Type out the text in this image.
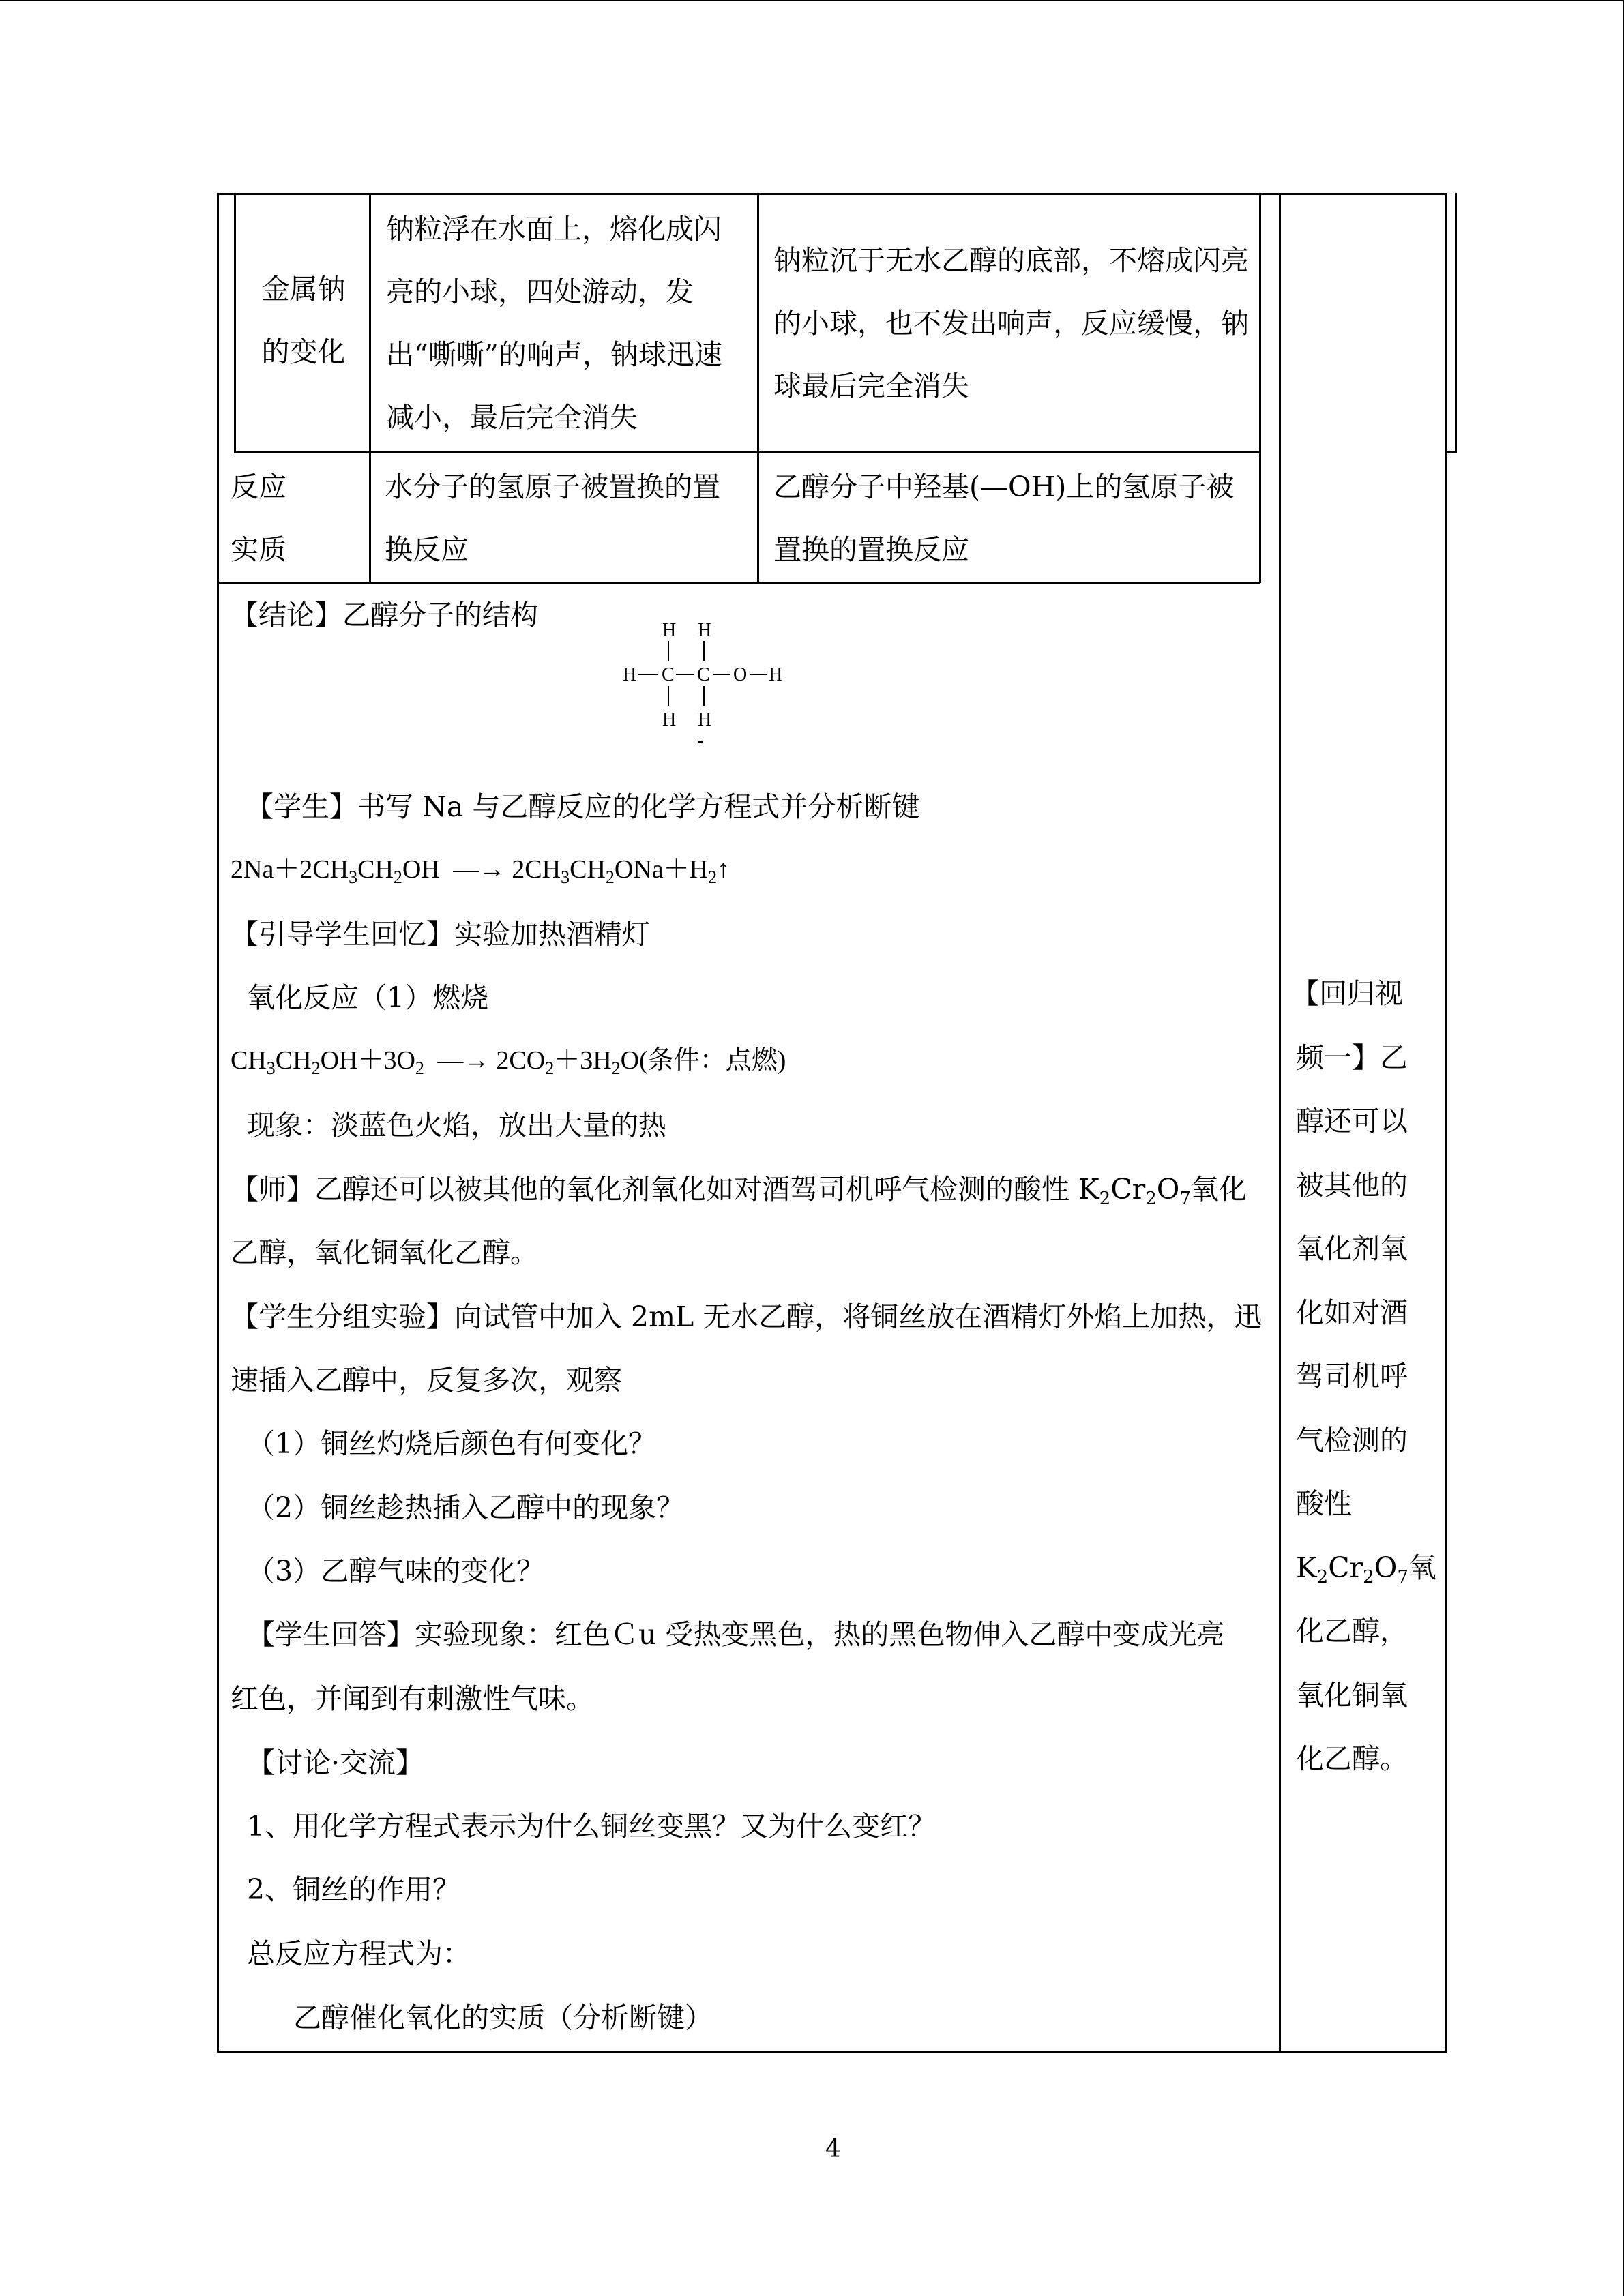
金属钠的变化
钠粒浮在水面上，熔化成闪亮的小球，四处游动，发出“嘶嘶”的响声，钠球迅速减小，最后完全消失
钠粒沉于无水乙醇的底部，不熔成闪亮的小球，也不发出响声，反应缓慢，钠球最后完全消失
反应实质
水分子的氢原子被置换的置换反应
乙醇分子中羟基(—OH)上的氢原子被置换的置换反应
【结论】乙醇分子的结构	H H
H C C O H
H H
【学生】书写 Na 与乙醇反应的化学方程式并分析断键
$2Na+2CH_3CH_2OH$ —→ $2CH_3CH_2ONa+H_2↑$
【引导学生回忆】实验加热酒精灯
氧化反应（1）燃烧
$CH_3CH_2OH+3O_2$ —→ $2CO_2+3H_2O$(条件：点燃)
现象：淡蓝色火焰，放出大量的热
【师】乙醇还可以被其他的氧化剂氧化如对酒驾司机呼气检测的酸性 $K_2Cr_2O_7$氧化
乙醇，氧化铜氧化乙醇。
【学生分组实验】向试管中加入 2mL 无水乙醇，将铜丝放在酒精灯外焰上加热，迅
速插入乙醇中，反复多次，观察
（1）铜丝灼烧后颜色有何变化？
（2）铜丝趁热插入乙醇中的现象？
（3）乙醇气味的变化？
【学生回答】实验现象：红色Ｃu 受热变黑色，热的黑色物伸入乙醇中变成光亮
红色，并闻到有刺激性气味。
【讨论·交流】
1、用化学方程式表示为什么铜丝变黑？又为什么变红？
2、铜丝的作用？
总反应方程式为：
乙醇催化氧化的实质（分析断键）
【回归视
频一】乙
醇还可以
被其他的
氧化剂氧
化如对酒
驾司机呼
气检测的
酸性
$K_2Cr_2O_7$氧
化乙醇，
氧化铜氧
化乙醇。
4
